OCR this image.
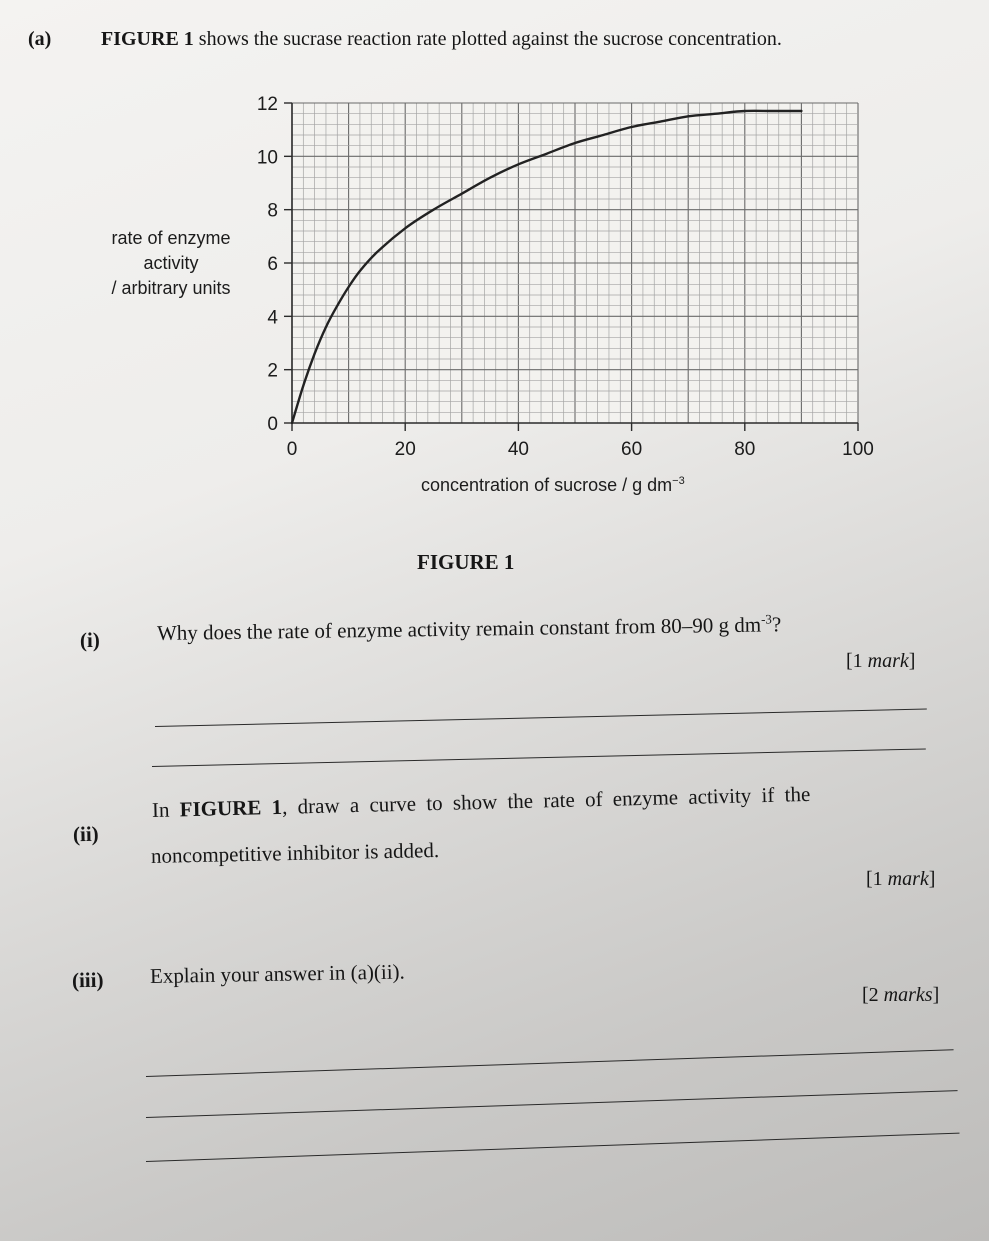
(a) FIGURE 1 shows the sucrase reaction rate plotted against the sucrose concentration.
0	20	40	60	80	100
0
2
4
6
8
10
12
rate of enzyme
activity
/ arbitrary units
concentration of sucrose / g $dm^{-3}$
FIGURE 1
(i)	Why does the rate of enzyme activity remain constant from 80–90 g $dm^{-3}$?
[1 mark]
(ii)
In FIGURE 1, draw a curve to show the rate of enzyme activity if the
noncompetitive inhibitor is added.
[1 mark]
(iii) Explain your answer in (a)(ii).
[2 marks]
